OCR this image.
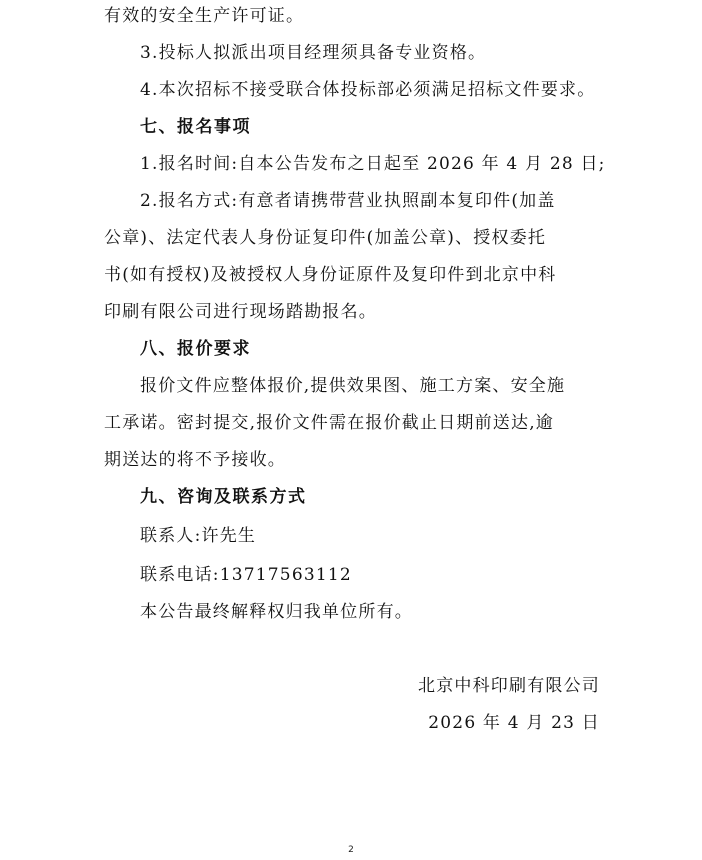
有效的安全生产许可证。
3.投标人拟派出项目经理须具备专业资格。
4.本次招标不接受联合体投标部必须满足招标文件要求。
七、报名事项
1.报名时间:自本公告发布之日起至 2026 年 4 月 28 日;
2.报名方式:有意者请携带营业执照副本复印件(加盖
公章)、法定代表人身份证复印件(加盖公章)、授权委托
书(如有授权)及被授权人身份证原件及复印件到北京中科
印刷有限公司进行现场踏勘报名。
八、报价要求
报价文件应整体报价,提供效果图、施工方案、安全施
工承诺。密封提交,报价文件需在报价截止日期前送达,逾
期送达的将不予接收。
九、咨询及联系方式
联系人:许先生
联系电话:13717563112
本公告最终解释权归我单位所有。
北京中科印刷有限公司
2026 年 4 月 23 日
2
